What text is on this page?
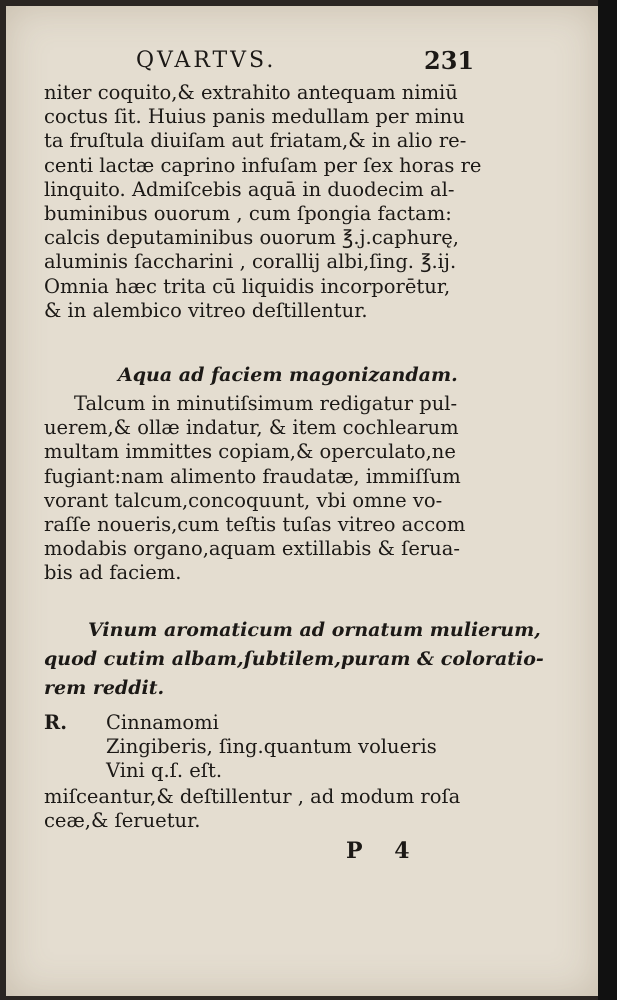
QVARTVS.	231
niter coquito,& extrahito antequam nimiū
coctus ſit. Huius panis medullam per minu
ta fruſtula diuiſam aut friatam,& in alio re-
centi lactæ caprino infuſam per ſex horas re
linquito. Admiſcebis aquā in duodecim al-
buminibus ouorum , cum ſpongia factam:
calcis deputaminibus ouorum ℥.j.caphurę,
aluminis ſaccharini , corallij albi,ſing. ℥.ij.
Omnia hæc trita cū liquidis incorporētur,
& in alembico vitreo deſtillentur.
Aqua ad faciem magonizandam.
Talcum in minutiſsimum redigatur pul-
uerem,& ollæ indatur, & item cochlearum
multam immittes copiam,& operculato,ne
fugiant:nam alimento fraudatæ, immiſſum
vorant talcum,concoquunt, vbi omne vo-
raſſe noueris,cum teſtis tuſas vitreo accom
modabis organo,aquam extillabis & ſerua-
bis ad faciem.
Vinum aromaticum ad ornatum mulierum,
quod cutim albam,ſubtilem,puram & coloratio-
rem reddit.
R. Cinnamomi
Zingiberis, ſing.quantum volueris
Vini q.ſ. eſt.
miſceantur,& deſtillentur , ad modum roſa
ceæ,& ſeruetur.
P 4
